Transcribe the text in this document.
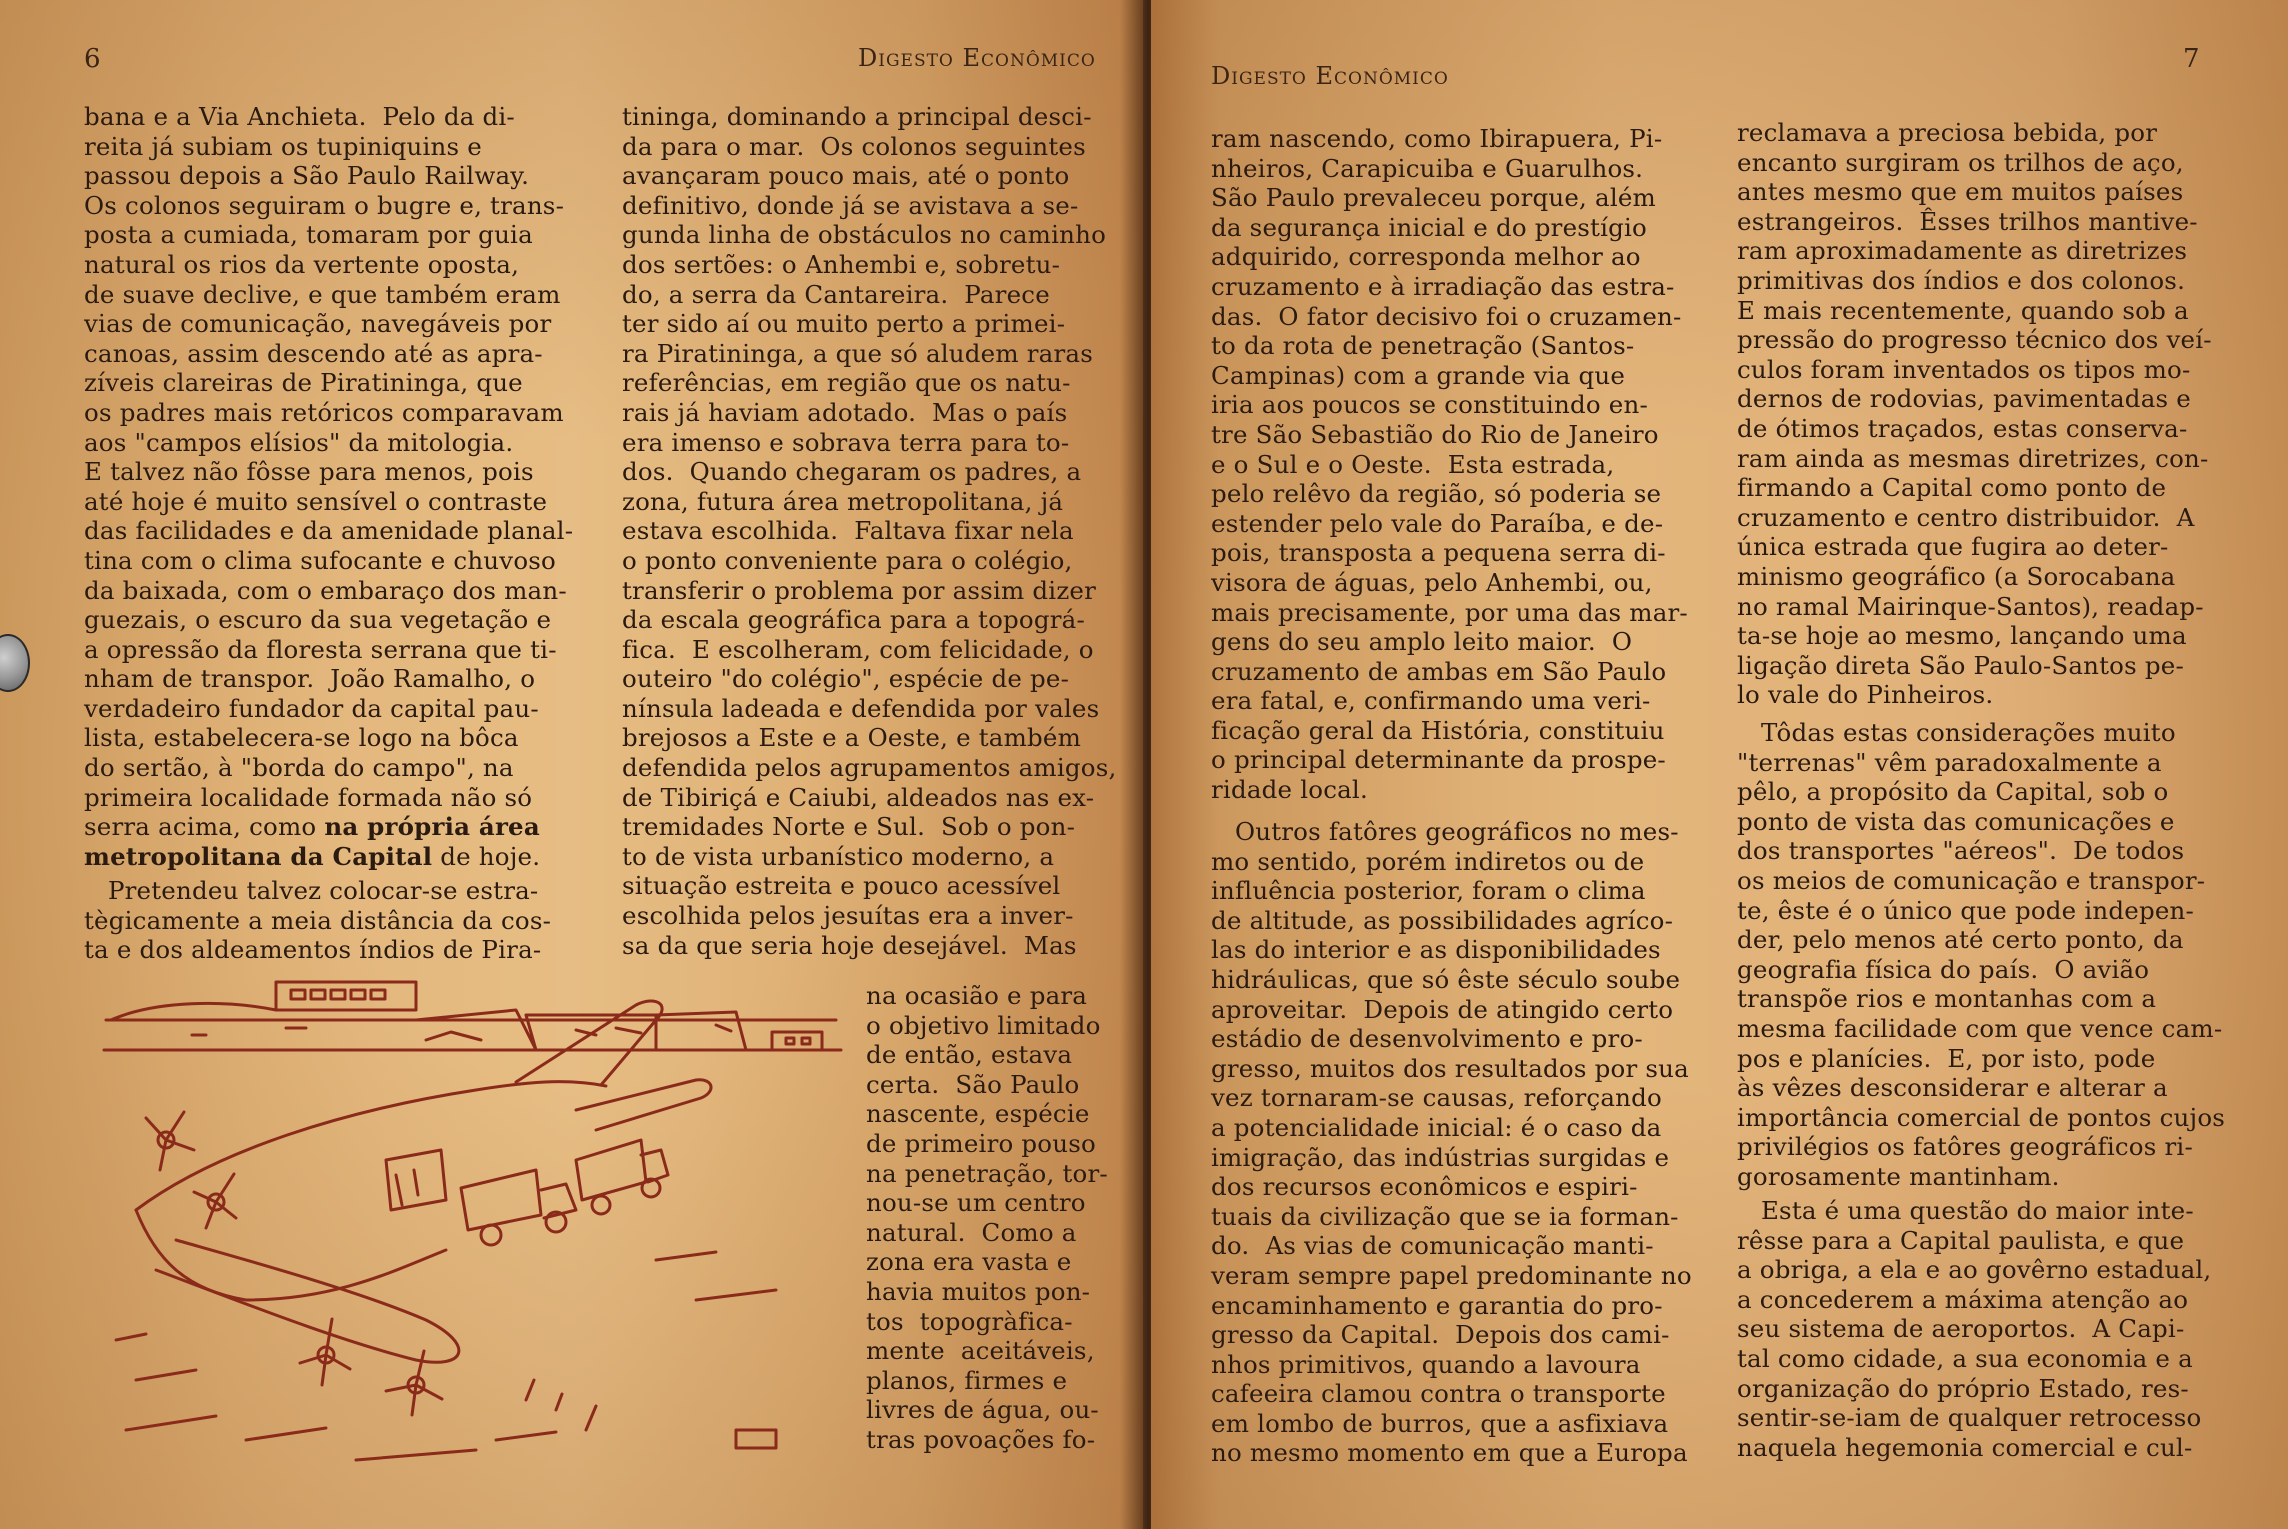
6	Digesto Econômico
bana e a Via Anchieta.  Pelo da di-
reita já subiam os tupiniquins e
passou depois a São Paulo Railway.
Os colonos seguiram o bugre e, trans-
posta a cumiada, tomaram por guia
natural os rios da vertente oposta,
de suave declive, e que também eram
vias de comunicação, navegáveis por
canoas, assim descendo até as apra-
zíveis clareiras de Piratininga, que
os padres mais retóricos comparavam
aos "campos elísios" da mitologia.
E talvez não fôsse para menos, pois
até hoje é muito sensível o contraste
das facilidades e da amenidade planal-
tina com o clima sufocante e chuvoso
da baixada, com o embaraço dos man-
guezais, o escuro da sua vegetação e
a opressão da floresta serrana que ti-
nham de transpor.  João Ramalho, o
verdadeiro fundador da capital pau-
lista, estabelecera-se logo na bôca
do sertão, à "borda do campo", na
primeira localidade formada não só
serra acima, como na própria área
metropolitana da Capital de hoje.
Pretendeu talvez colocar-se estra-
tègicamente a meia distância da cos-
ta e dos aldeamentos índios de Pira-
tininga, dominando a principal desci-
da para o mar.  Os colonos seguintes
avançaram pouco mais, até o ponto
definitivo, donde já se avistava a se-
gunda linha de obstáculos no caminho
dos sertões: o Anhembi e, sobretu-
do, a serra da Cantareira.  Parece
ter sido aí ou muito perto a primei-
ra Piratininga, a que só aludem raras
referências, em região que os natu-
rais já haviam adotado.  Mas o país
era imenso e sobrava terra para to-
dos.  Quando chegaram os padres, a
zona, futura área metropolitana, já
estava escolhida.  Faltava fixar nela
o ponto conveniente para o colégio,
transferir o problema por assim dizer
da escala geográfica para a topográ-
fica.  E escolheram, com felicidade, o
outeiro "do colégio", espécie de pe-
nínsula ladeada e defendida por vales
brejosos a Este e a Oeste, e também
defendida pelos agrupamentos amigos,
de Tibiriçá e Caiubi, aldeados nas ex-
tremidades Norte e Sul.  Sob o pon-
to de vista urbanístico moderno, a
situação estreita e pouco acessível
escolhida pelos jesuítas era a inver-
sa da que seria hoje desejável.  Mas
na ocasião e para
o objetivo limitado
de então, estava
certa.  São Paulo
nascente, espécie
de primeiro pouso
na penetração, tor-
nou-se um centro
natural.  Como a
zona era vasta e
havia muitos pon-
tos  topogràfica-
mente  aceitáveis,
planos, firmes e
livres de água, ou-
tras povoações fo-
Digesto Econômico
7
ram nascendo, como Ibirapuera, Pi-
nheiros, Carapicuiba e Guarulhos.
São Paulo prevaleceu porque, além
da segurança inicial e do prestígio
adquirido, corresponda melhor ao
cruzamento e à irradiação das estra-
das.  O fator decisivo foi o cruzamen-
to da rota de penetração (Santos-
Campinas) com a grande via que
iria aos poucos se constituindo en-
tre São Sebastião do Rio de Janeiro
e o Sul e o Oeste.  Esta estrada,
pelo relêvo da região, só poderia se
estender pelo vale do Paraíba, e de-
pois, transposta a pequena serra di-
visora de águas, pelo Anhembi, ou,
mais precisamente, por uma das mar-
gens do seu amplo leito maior.  O
cruzamento de ambas em São Paulo
era fatal, e, confirmando uma veri-
ficação geral da História, constituiu
o principal determinante da prospe-
ridade local.
Outros fatôres geográficos no mes-
mo sentido, porém indiretos ou de
influência posterior, foram o clima
de altitude, as possibilidades agríco-
las do interior e as disponibilidades
hidráulicas, que só êste século soube
aproveitar.  Depois de atingido certo
estádio de desenvolvimento e pro-
gresso, muitos dos resultados por sua
vez tornaram-se causas, reforçando
a potencialidade inicial: é o caso da
imigração, das indústrias surgidas e
dos recursos econômicos e espiri-
tuais da civilização que se ia forman-
do.  As vias de comunicação manti-
veram sempre papel predominante no
encaminhamento e garantia do pro-
gresso da Capital.  Depois dos cami-
nhos primitivos, quando a lavoura
cafeeira clamou contra o transporte
em lombo de burros, que a asfixiava
no mesmo momento em que a Europa
reclamava a preciosa bebida, por
encanto surgiram os trilhos de aço,
antes mesmo que em muitos países
estrangeiros.  Êsses trilhos mantive-
ram aproximadamente as diretrizes
primitivas dos índios e dos colonos.
E mais recentemente, quando sob a
pressão do progresso técnico dos veí-
culos foram inventados os tipos mo-
dernos de rodovias, pavimentadas e
de ótimos traçados, estas conserva-
ram ainda as mesmas diretrizes, con-
firmando a Capital como ponto de
cruzamento e centro distribuidor.  A
única estrada que fugira ao deter-
minismo geográfico (a Sorocabana
no ramal Mairinque-Santos), readap-
ta-se hoje ao mesmo, lançando uma
ligação direta São Paulo-Santos pe-
lo vale do Pinheiros.
Tôdas estas considerações muito
"terrenas" vêm paradoxalmente a
pêlo, a propósito da Capital, sob o
ponto de vista das comunicações e
dos transportes "aéreos".  De todos
os meios de comunicação e transpor-
te, êste é o único que pode indepen-
der, pelo menos até certo ponto, da
geografia física do país.  O avião
transpõe rios e montanhas com a
mesma facilidade com que vence cam-
pos e planícies.  E, por isto, pode
às vêzes desconsiderar e alterar a
importância comercial de pontos cujos
privilégios os fatôres geográficos ri-
gorosamente mantinham.
Esta é uma questão do maior inte-
rêsse para a Capital paulista, e que
a obriga, a ela e ao govêrno estadual,
a concederem a máxima atenção ao
seu sistema de aeroportos.  A Capi-
tal como cidade, a sua economia e a
organização do próprio Estado, res-
sentir-se-iam de qualquer retrocesso
naquela hegemonia comercial e cul-
